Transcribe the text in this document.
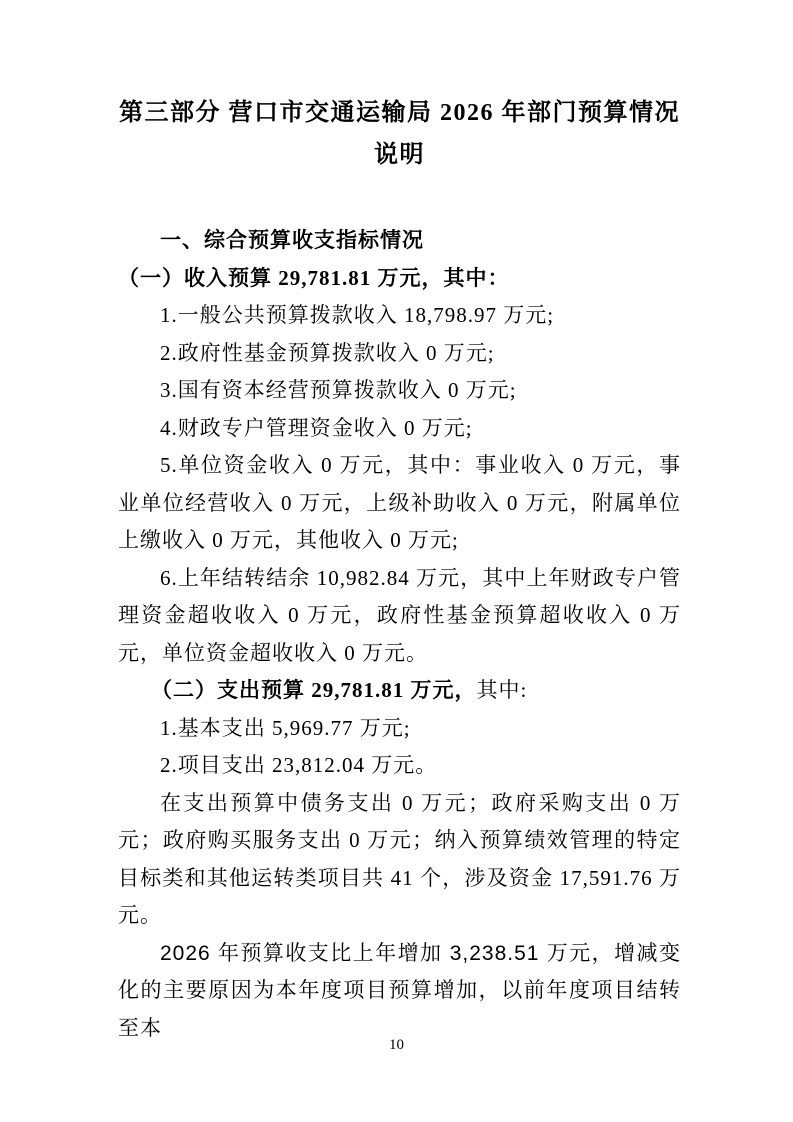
第三部分 营口市交通运输局 2026 年部门预算情况
说明

一、综合预算收支指标情况

（一）收入预算 29,781.81 万元，其中：

1.一般公共预算拨款收入 18,798.97 万元;

2.政府性基金预算拨款收入 0 万元;

3.国有资本经营预算拨款收入 0 万元;

4.财政专户管理资金收入 0 万元;

5.单位资金收入 0 万元，其中：事业收入 0 万元，事业单位经营收入 0 万元，上级补助收入 0 万元，附属单位上缴收入 0 万元，其他收入 0 万元;

6.上年结转结余 10,982.84 万元，其中上年财政专户管理资金超收收入 0 万元，政府性基金预算超收收入 0 万元，单位资金超收收入 0 万元。

（二）支出预算 29,781.81 万元，其中:

1.基本支出 5,969.77 万元;

2.项目支出 23,812.04 万元。

在支出预算中债务支出 0 万元；政府采购支出 0 万元；政府购买服务支出 0 万元；纳入预算绩效管理的特定目标类和其他运转类项目共 41 个，涉及资金 17,591.76 万元。

2026 年预算收支比上年增加 3,238.51 万元，增减变化的主要原因为本年度项目预算增加，以前年度项目结转至本

10
